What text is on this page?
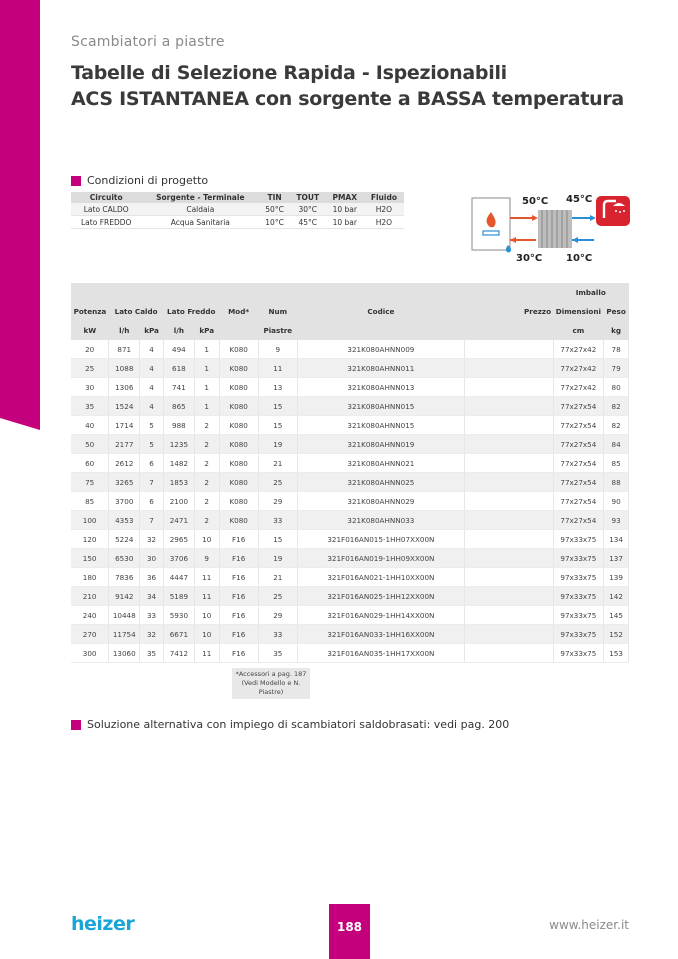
Scambiatori a piastre
Tabelle di Selezione Rapida - Ispezionabili
ACS ISTANTANEA con sorgente a BASSA temperatura
Condizioni di progetto
Circuito	Sorgente - Terminale	TIN	TOUT	PMAX	Fluido
Lato CALDO	Caldaia	50°C	30°C	10 bar	H2O
Lato FREDDO	Acqua Sanitaria	10°C	45°C	10 bar	H2O
50°C 45°C
30°C 10°C
									Imballo	
Potenza	Lato Caldo		Lato Freddo		Mod*	Num	Codice	Prezzo	Dimensioni	Peso
kW	l/h	kPa	l/h	kPa		Piastre			cm	kg
20	871	4	494	1	K080	9	321K080AHNN009		77x27x42	78
25	1088	4	618	1	K080	11	321K080AHNN011		77x27x42	79
30	1306	4	741	1	K080	13	321K080AHNN013		77x27x42	80
35	1524	4	865	1	K080	15	321K080AHNN015		77x27x54	82
40	1714	5	988	2	K080	15	321K080AHNN015		77x27x54	82
50	2177	5	1235	2	K080	19	321K080AHNN019		77x27x54	84
60	2612	6	1482	2	K080	21	321K080AHNN021		77x27x54	85
75	3265	7	1853	2	K080	25	321K080AHNN025		77x27x54	88
85	3700	6	2100	2	K080	29	321K080AHNN029		77x27x54	90
100	4353	7	2471	2	K080	33	321K080AHNN033		77x27x54	93
120	5224	32	2965	10	F16	15	321F016AN015-1HH07XX00N		97x33x75	134
150	6530	30	3706	9	F16	19	321F016AN019-1HH09XX00N		97x33x75	137
180	7836	36	4447	11	F16	21	321F016AN021-1HH10XX00N		97x33x75	139
210	9142	34	5189	11	F16	25	321F016AN025-1HH12XX00N		97x33x75	142
240	10448	33	5930	10	F16	29	321F016AN029-1HH14XX00N		97x33x75	145
270	11754	32	6671	10	F16	33	321F016AN033-1HH16XX00N		97x33x75	152
300	13060	35	7412	11	F16	35	321F016AN035-1HH17XX00N		97x33x75	153
*Accessori a pag. 187 (Vedi Modello e N. Piastre)
Soluzione alternativa con impiego di scambiatori saldobrasati: vedi pag. 200
heizer	188	www.heizer.it
